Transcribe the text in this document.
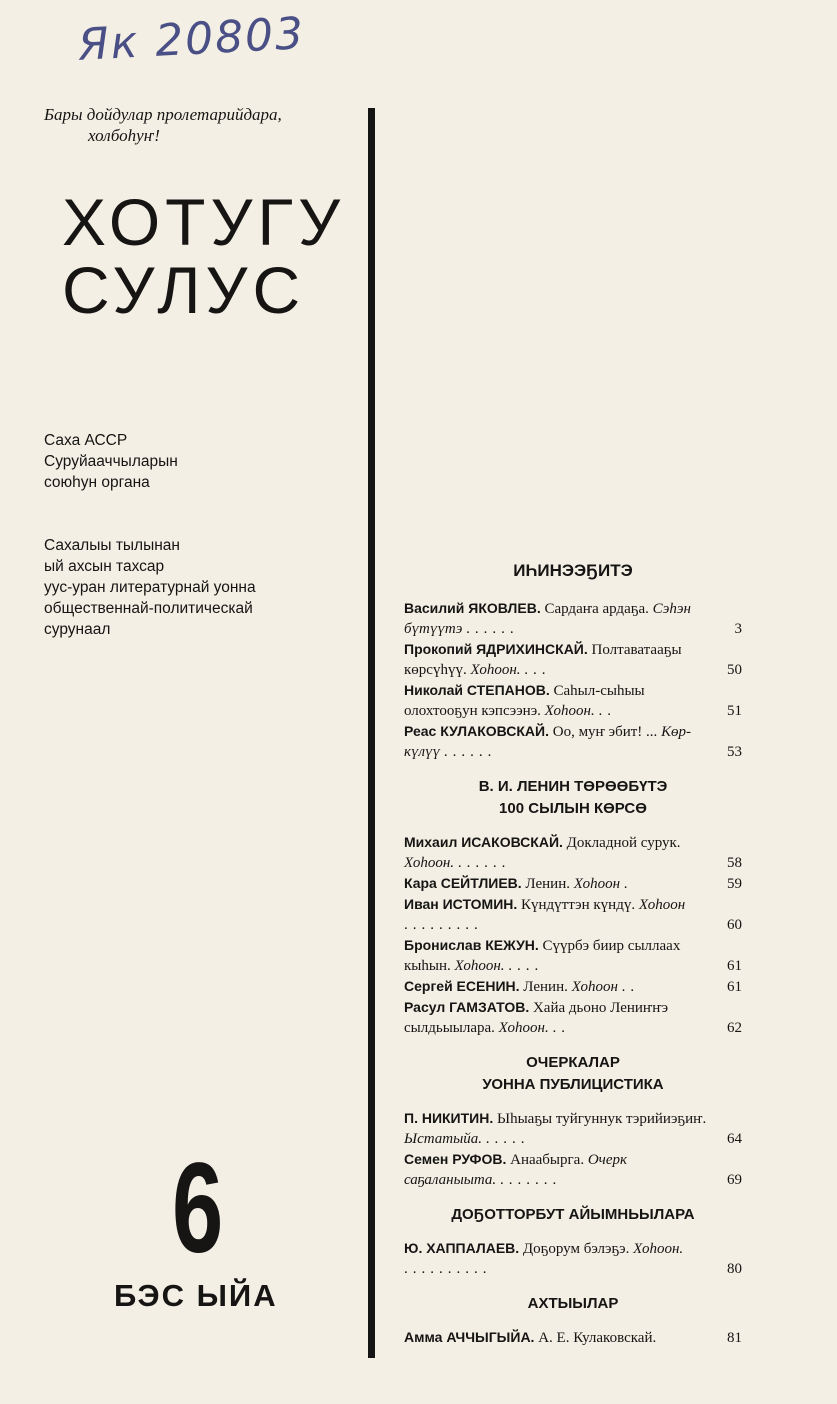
Як 20803
Бары дойдулар пролетарийдара,
холбоһуҥ!
ХОТУГУ
СУЛУС
Саха АССР
Суруйааччыларын
союһун органа
Сахалыы тылынан
ый ахсын тахсар
уус-уран литературнай уонна
общественнай-политическай
сурунаал
6
БЭС ЫЙА
ИҺИНЭЭҔИТЭ
Василий ЯКОВЛЕВ. Сардаҥа ардаҕа. Сэһэн бүтүүтэ ......	3
Прокопий ЯДРИХИНСКАЙ. Полтаватааҕы көрсүһүү. Хоһоон. ...	50
Николай СТЕПАНОВ. Саһыл-сыһыы олохтооҕун кэпсээнэ. Хоһоон. ..	51
Реас КУЛАКОВСКАЙ. Оо, муҥ эбит! ... Көр-күлүү ......	53
В. И. ЛЕНИН ТӨРӨӨБҮТЭ
100 СЫЛЫН КӨРСӨ
Михаил ИСАКОВСКАЙ. Докладной сурук. Хоһоон. ......	58
Кара СЕЙТЛИЕВ. Ленин. Хоһоон .	59
Иван ИСТОМИН. Күндүттэн күндү. Хоһоон .........	60
Бронислав КЕЖУН. Сүүрбэ биир сыллаах кыһын. Хоһоон. ....	61
Сергей ЕСЕНИН. Ленин. Хоһоон ..	61
Расул ГАМЗАТОВ. Хайа дьоно Лениҥҥэ сылдьыылара. Хоһоон. ..	62
ОЧЕРКАЛАР
УОННА ПУБЛИЦИСТИКА
П. НИКИТИН. Ыһыаҕы туйгуннук тэрийиэҕиҥ. Ыстатыйа. .....	64
Семен РУФОВ. Анаабырга. Очерк саҕаланыыта. .......	69
ДОҔОТТОРБУТ АЙЫМНЬЫЛАРА
Ю. ХАППАЛАЕВ. Доҕорум бэлэҕэ. Хоһоон. ..........	80
АХТЫЫЛАР
Амма АЧЧЫГЫЙА. А. Е. Кулаковскай.	81
